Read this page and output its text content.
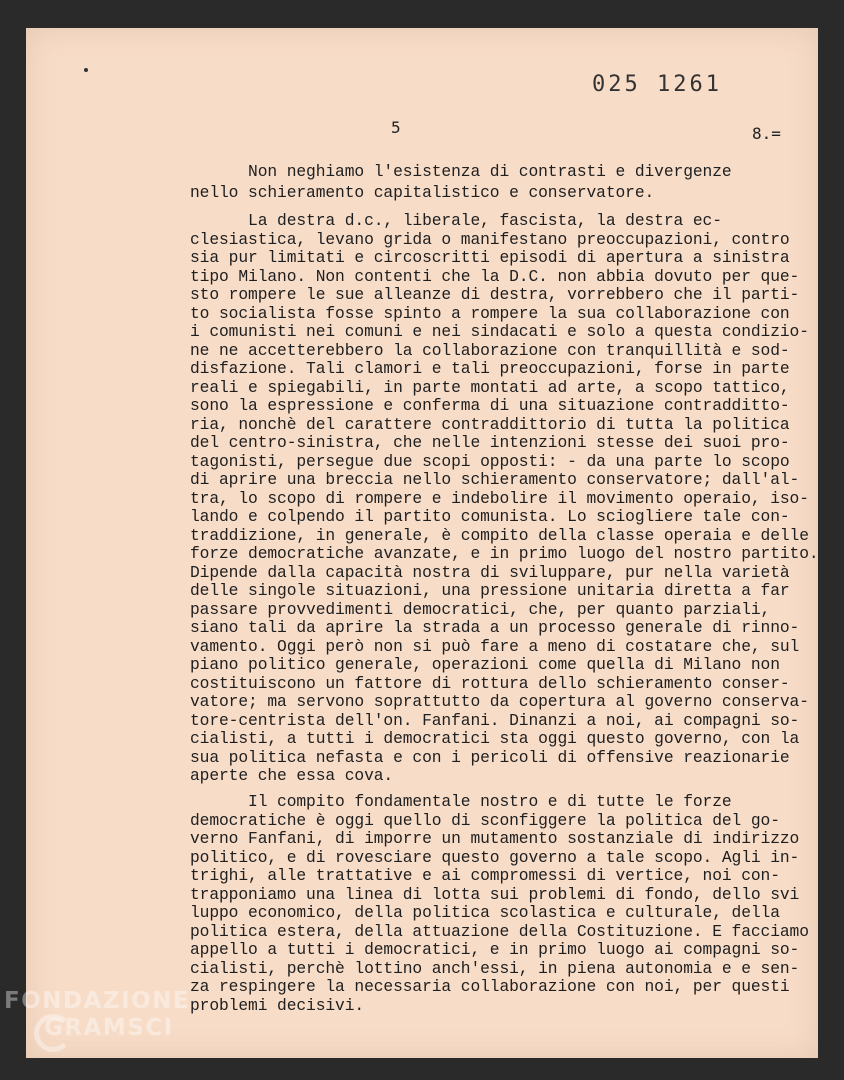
025 1261
5	8.=
Non neghiamo l'esistenza di contrasti e divergenze
nello schieramento capitalistico e conservatore.
La destra d.c., liberale, fascista, la destra ec-
clesiastica, levano grida o manifestano preoccupazioni, contro
sia pur limitati e circoscritti episodi di apertura a sinistra
tipo Milano. Non contenti che la D.C. non abbia dovuto per que-
sto rompere le sue alleanze di destra, vorrebbero che il parti-
to socialista fosse spinto a rompere la sua collaborazione con
i comunisti nei comuni e nei sindacati e solo a questa condizio-
ne ne accetterebbero la collaborazione con tranquillità e sod-
disfazione. Tali clamori e tali preoccupazioni, forse in parte
reali e spiegabili, in parte montati ad arte, a scopo tattico,
sono la espressione e conferma di una situazione contradditto-
ria, nonchè del carattere contraddittorio di tutta la politica
del centro-sinistra, che nelle intenzioni stesse dei suoi pro-
tagonisti, persegue due scopi opposti: - da una parte lo scopo
di aprire una breccia nello schieramento conservatore; dall'al-
tra, lo scopo di rompere e indebolire il movimento operaio, iso-
lando e colpendo il partito comunista. Lo sciogliere tale con-
traddizione, in generale, è compito della classe operaia e delle
forze democratiche avanzate, e in primo luogo del nostro partito.
Dipende dalla capacità nostra di sviluppare, pur nella varietà
delle singole situazioni, una pressione unitaria diretta a far
passare provvedimenti democratici, che, per quanto parziali,
siano tali da aprire la strada a un processo generale di rinno-
vamento. Oggi però non si può fare a meno di costatare che, sul
piano politico generale, operazioni come quella di Milano non
costituiscono un fattore di rottura dello schieramento conser-
vatore; ma servono soprattutto da copertura al governo conserva-
tore-centrista dell'on. Fanfani. Dinanzi a noi, ai compagni so-
cialisti, a tutti i democratici sta oggi questo governo, con la
sua politica nefasta e con i pericoli di offensive reazionarie
aperte che essa cova.
Il compito fondamentale nostro e di tutte le forze
democratiche è oggi quello di sconfiggere la politica del go-
verno Fanfani, di imporre un mutamento sostanziale di indirizzo
politico, e di rovesciare questo governo a tale scopo. Agli in-
trighi, alle trattative e ai compromessi di vertice, noi con-
trapponiamo una linea di lotta sui problemi di fondo, dello svi
luppo economico, della politica scolastica e culturale, della
politica estera, della attuazione della Costituzione. E facciamo
appello a tutti i democratici, e in primo luogo ai compagni so-
cialisti, perchè lottino anch'essi, in piena autonomia e e sen-
za respingere la necessaria collaborazione con noi, per questi
problemi decisivi.
FONDAZIONE
GRAMSCI
